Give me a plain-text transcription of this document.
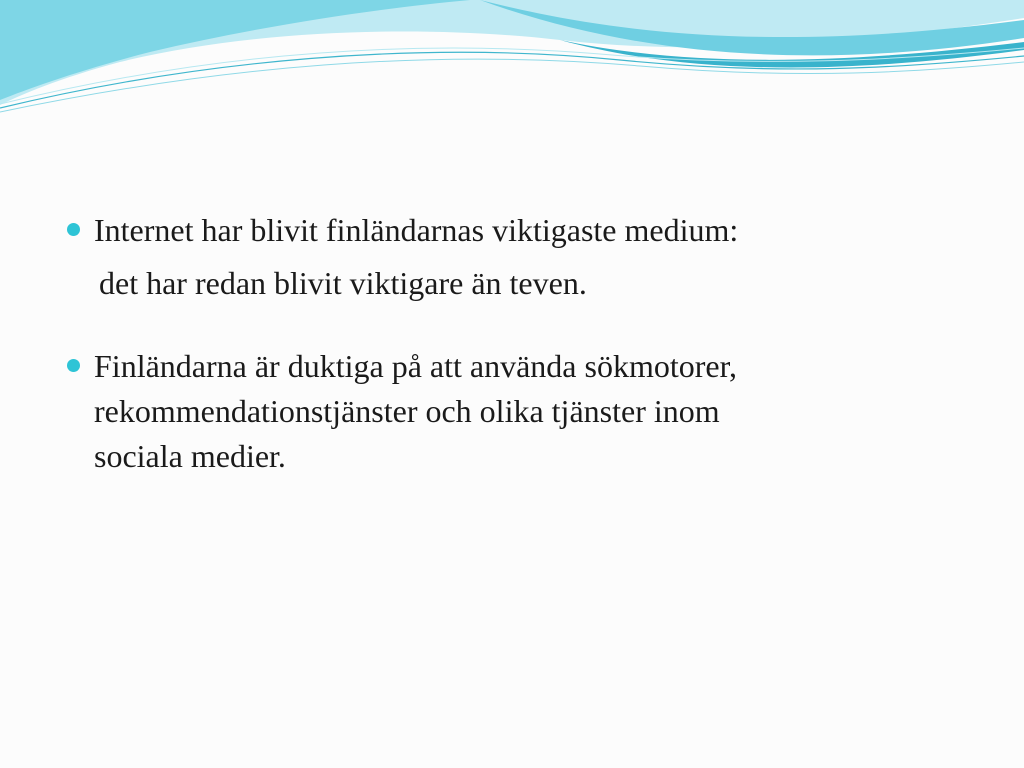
Internet har blivit finländarnas viktigaste medium:
det har redan blivit viktigare än teven.
Finländarna är duktiga på att använda sökmotorer,
rekommendationstjänster och olika tjänster inom
sociala medier.
